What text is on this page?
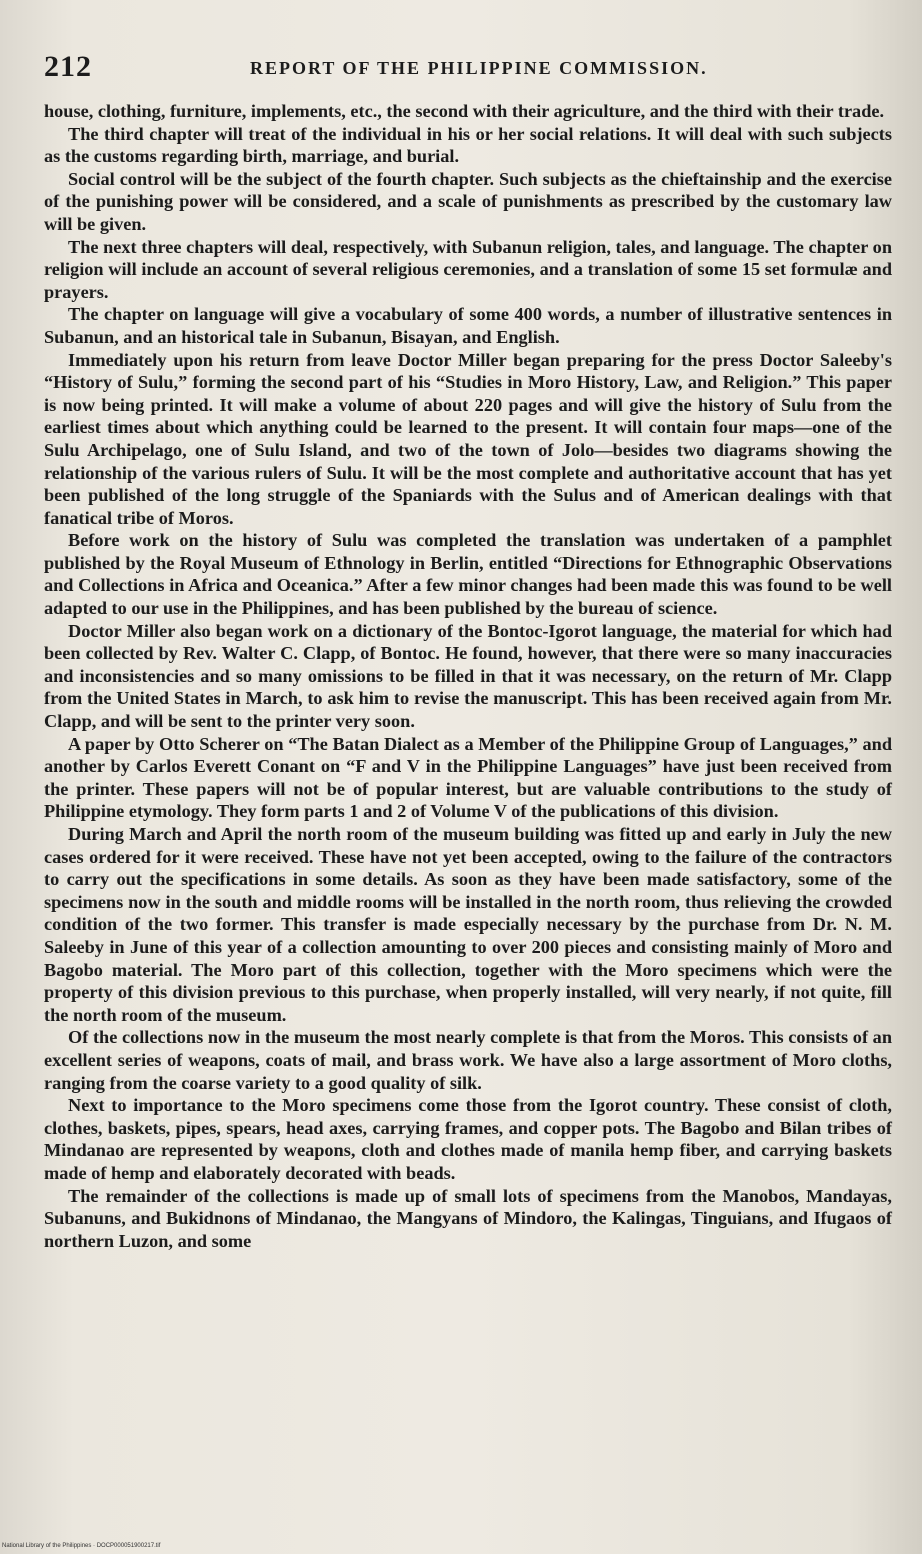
212	REPORT OF THE PHILIPPINE COMMISSION.

house, clothing, furniture, implements, etc., the second with their agriculture, and the third with their trade.

The third chapter will treat of the individual in his or her social relations. It will deal with such subjects as the customs regarding birth, marriage, and burial.

Social control will be the subject of the fourth chapter. Such subjects as the chieftainship and the exercise of the punishing power will be considered, and a scale of punishments as prescribed by the customary law will be given.

The next three chapters will deal, respectively, with Subanun religion, tales, and language. The chapter on religion will include an account of several religious ceremonies, and a translation of some 15 set formulæ and prayers.

The chapter on language will give a vocabulary of some 400 words, a number of illustrative sentences in Subanun, and an historical tale in Subanun, Bisayan, and English.

Immediately upon his return from leave Doctor Miller began preparing for the press Doctor Saleeby's “History of Sulu,” forming the second part of his “Studies in Moro History, Law, and Religion.” This paper is now being printed. It will make a volume of about 220 pages and will give the history of Sulu from the earliest times about which anything could be learned to the present. It will contain four maps—one of the Sulu Archipelago, one of Sulu Island, and two of the town of Jolo—besides two diagrams showing the relationship of the various rulers of Sulu. It will be the most complete and authoritative account that has yet been published of the long struggle of the Spaniards with the Sulus and of American dealings with that fanatical tribe of Moros.

Before work on the history of Sulu was completed the translation was undertaken of a pamphlet published by the Royal Museum of Ethnology in Berlin, entitled “Directions for Ethnographic Observations and Collections in Africa and Oceanica.” After a few minor changes had been made this was found to be well adapted to our use in the Philippines, and has been published by the bureau of science.

Doctor Miller also began work on a dictionary of the Bontoc-Igorot language, the material for which had been collected by Rev. Walter C. Clapp, of Bontoc. He found, however, that there were so many inaccuracies and inconsistencies and so many omissions to be filled in that it was necessary, on the return of Mr. Clapp from the United States in March, to ask him to revise the manuscript. This has been received again from Mr. Clapp, and will be sent to the printer very soon.

A paper by Otto Scherer on “The Batan Dialect as a Member of the Philippine Group of Languages,” and another by Carlos Everett Conant on “F and V in the Philippine Languages” have just been received from the printer. These papers will not be of popular interest, but are valuable contributions to the study of Philippine etymology. They form parts 1 and 2 of Volume V of the publications of this division.

During March and April the north room of the museum building was fitted up and early in July the new cases ordered for it were received. These have not yet been accepted, owing to the failure of the contractors to carry out the specifications in some details. As soon as they have been made satisfactory, some of the specimens now in the south and middle rooms will be installed in the north room, thus relieving the crowded condition of the two former. This transfer is made especially necessary by the purchase from Dr. N. M. Saleeby in June of this year of a collection amounting to over 200 pieces and consisting mainly of Moro and Bagobo material. The Moro part of this collection, together with the Moro specimens which were the property of this division previous to this purchase, when properly installed, will very nearly, if not quite, fill the north room of the museum.

Of the collections now in the museum the most nearly complete is that from the Moros. This consists of an excellent series of weapons, coats of mail, and brass work. We have also a large assortment of Moro cloths, ranging from the coarse variety to a good quality of silk.

Next to importance to the Moro specimens come those from the Igorot country. These consist of cloth, clothes, baskets, pipes, spears, head axes, carrying frames, and copper pots. The Bagobo and Bilan tribes of Mindanao are represented by weapons, cloth and clothes made of manila hemp fiber, and carrying baskets made of hemp and elaborately decorated with beads.

The remainder of the collections is made up of small lots of specimens from the Manobos, Mandayas, Subanuns, and Bukidnons of Mindanao, the Mangyans of Mindoro, the Kalingas, Tinguians, and Ifugaos of northern Luzon, and some

National Library of the Philippines · DOCP000051900217.tif
